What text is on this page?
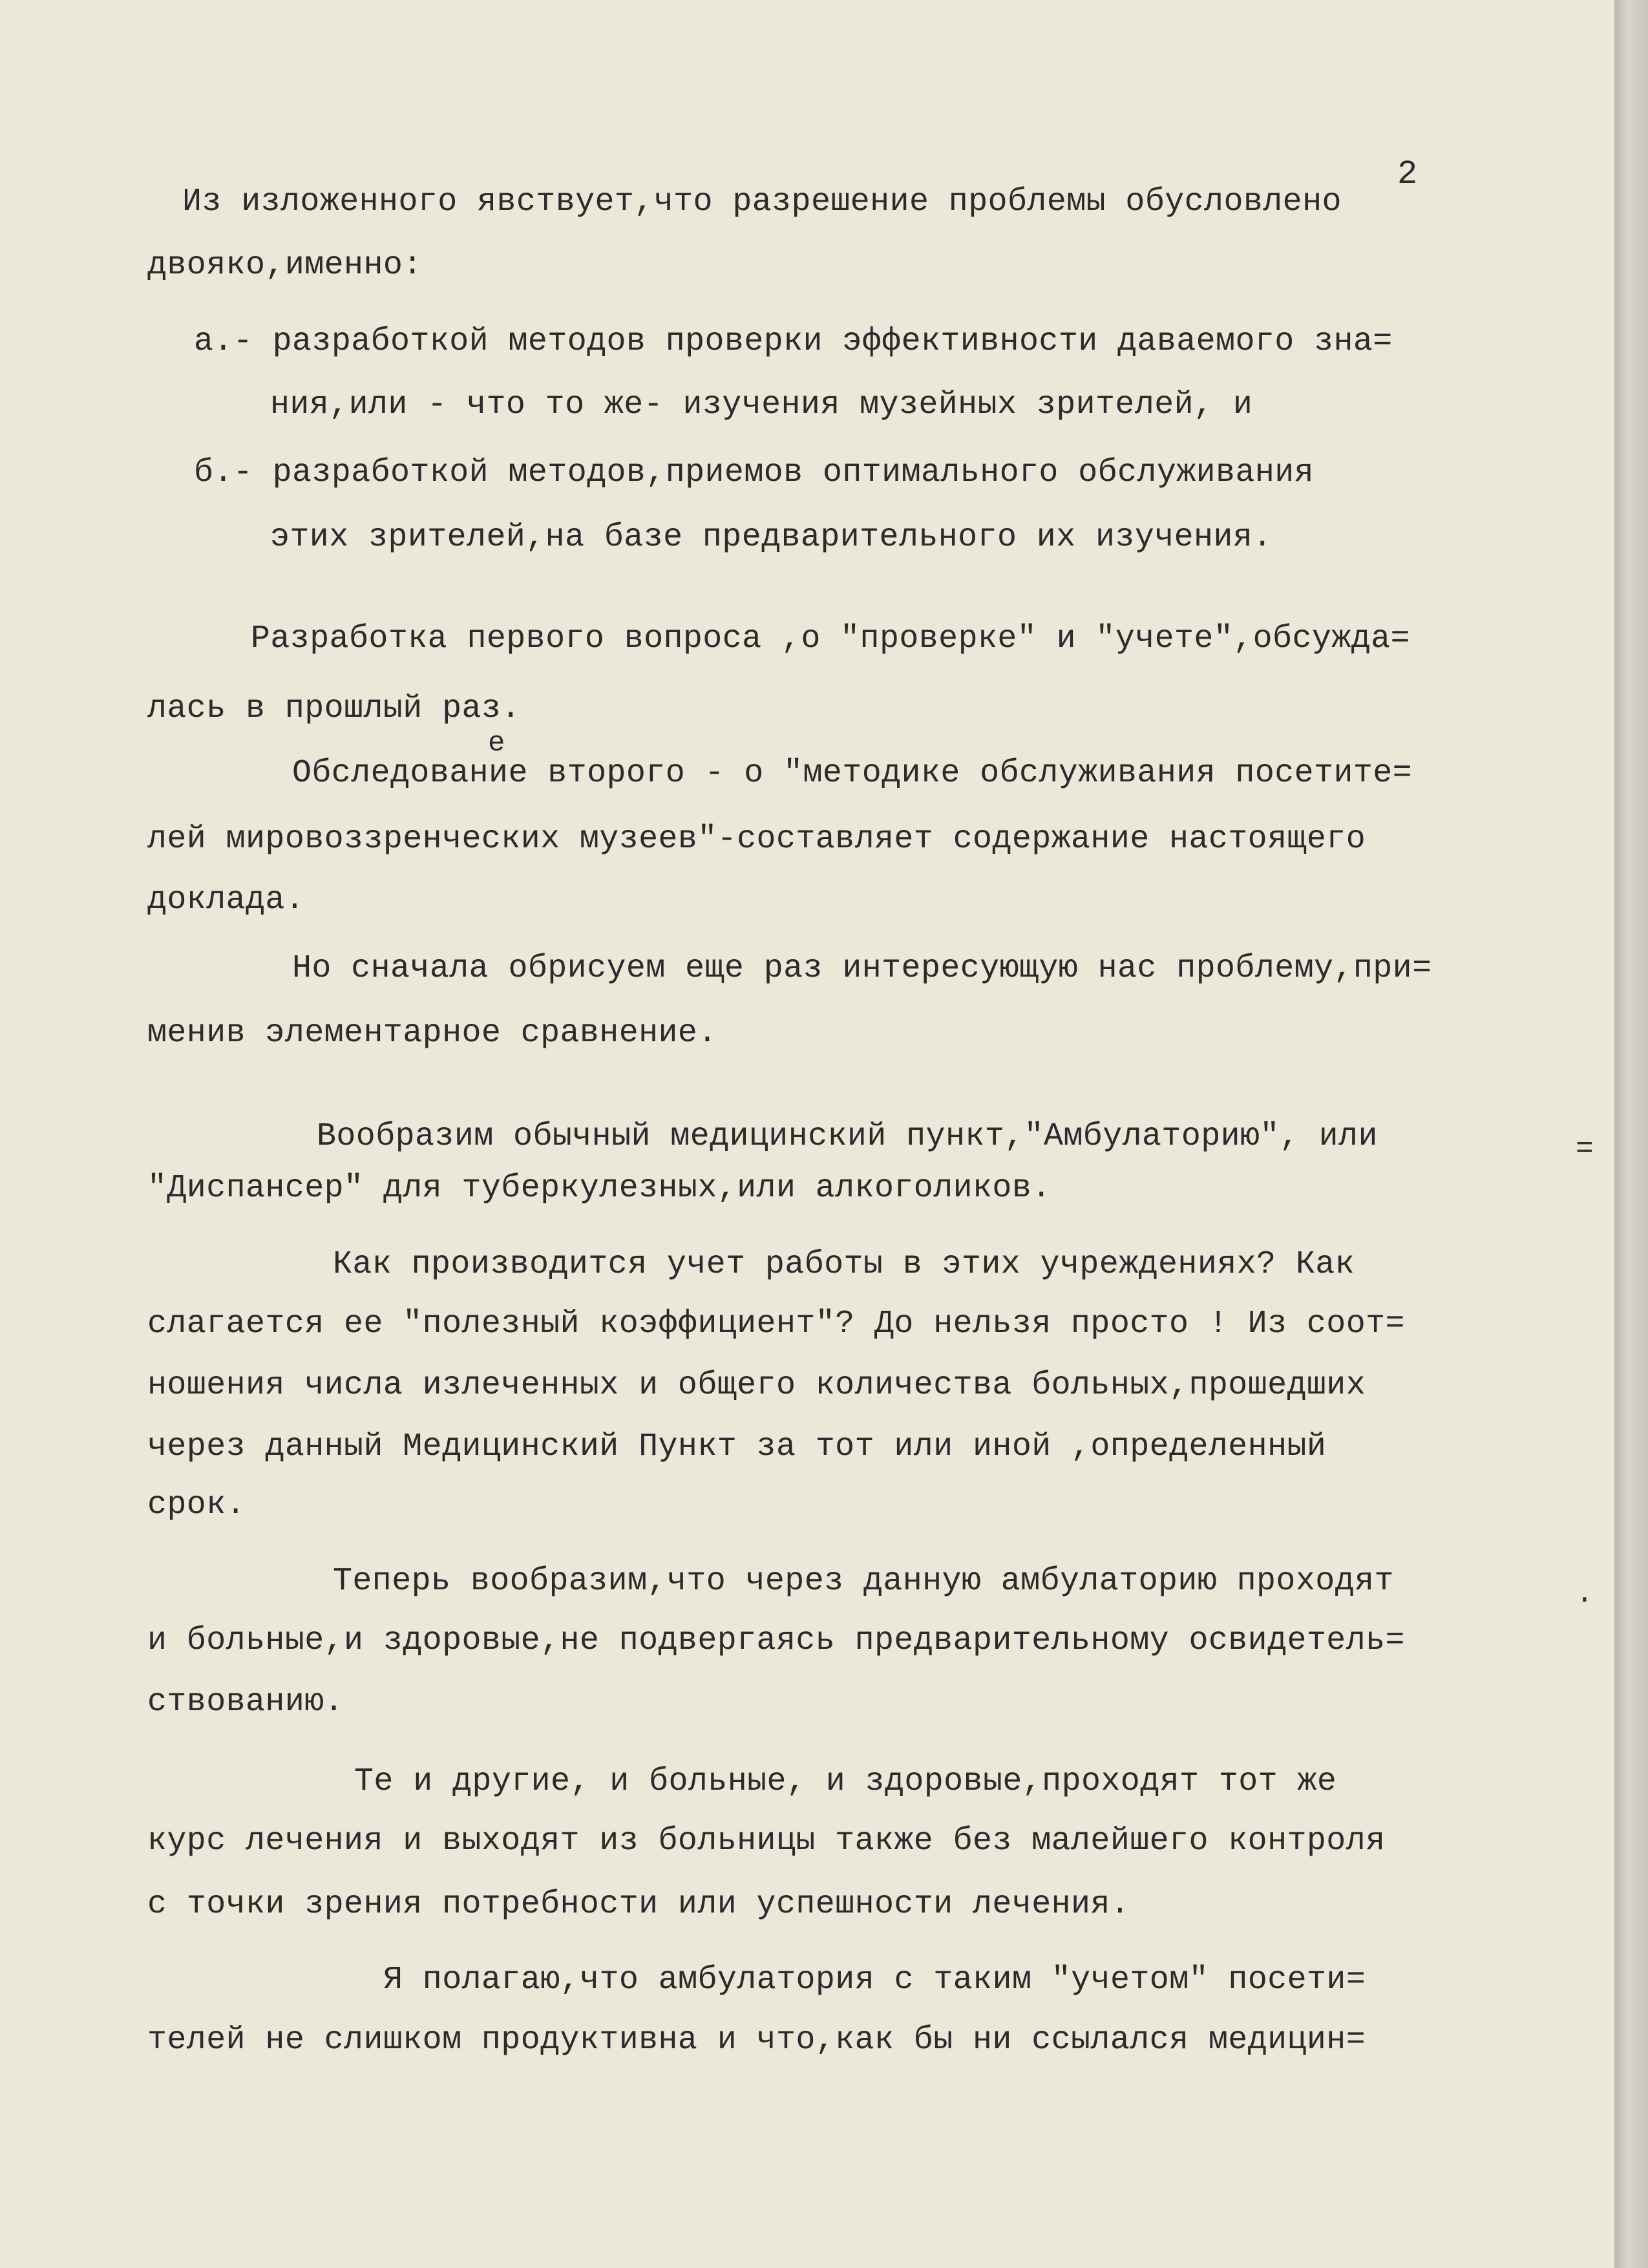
2
Из изложенного явствует,что разрешение проблемы обусловлено
двояко,именно:
а.- разработкой методов проверки эффективности даваемого зна=
ния,или - что то же- изучения музейных зрителей, и
б.- разработкой методов,приемов оптимального обслуживания
этих зрителей,на базе предварительного их изучения.
Разработка первого вопроса ,о "проверке" и "учете",обсужда=
лась в прошлый раз.
е
Обследование второго - о "методике обслуживания посетите=
лей мировоззренческих музеев"-составляет содержание настоящего
доклада.
Но сначала обрисуем еще раз интересующую нас проблему,при=
менив элементарное сравнение.
Вообразим обычный медицинский пункт,"Амбулаторию", или
"Диспансер" для туберкулезных,или алкоголиков.
Как производится учет работы в этих учреждениях? Как
слагается ее "полезный коэффициент"? До нельзя просто ! Из соот=
ношения числа излеченных и общего количества больных,прошедших
через данный Медицинский Пункт за тот или иной ,определенный
срок.
Теперь вообразим,что через данную амбулаторию проходят
и больные,и здоровые,не подвергаясь предварительному освидетель=
ствованию.
Те и другие, и больные, и здоровые,проходят тот же
курс лечения и выходят из больницы также без малейшего контроля
с точки зрения потребности или успешности лечения.
Я полагаю,что амбулатория с таким "учетом" посети=
телей не слишком продуктивна и что,как бы ни ссылался медицин=
=
.
